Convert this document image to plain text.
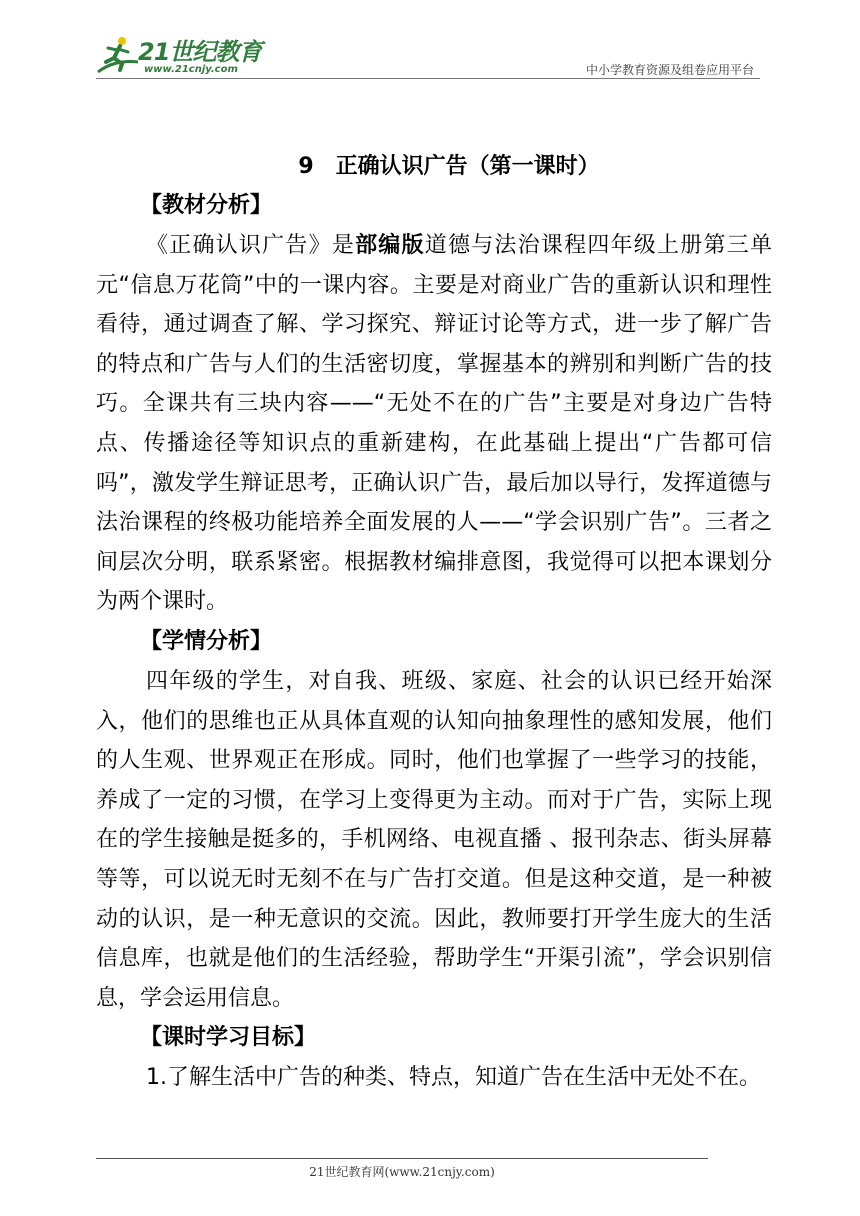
21世纪教育
www.21cnjy.com	中小学教育资源及组卷应用平台
9　正确认识广告（第一课时）
【教材分析】

《正确认识广告》是部编版道德与法治课程四年级上册第三单元“信息万花筒”中的一课内容。主要是对商业广告的重新认识和理性看待，通过调查了解、学习探究、辩证讨论等方式，进一步了解广告的特点和广告与人们的生活密切度，掌握基本的辨别和判断广告的技巧。全课共有三块内容——“无处不在的广告”主要是对身边广告特点、传播途径等知识点的重新建构，在此基础上提出“广告都可信吗”，激发学生辩证思考，正确认识广告，最后加以导行，发挥道德与法治课程的终极功能培养全面发展的人——“学会识别广告”。三者之间层次分明，联系紧密。根据教材编排意图，我觉得可以把本课划分为两个课时。

【学情分析】

四年级的学生，对自我、班级、家庭、社会的认识已经开始深入，他们的思维也正从具体直观的认知向抽象理性的感知发展，他们的人生观、世界观正在形成。同时，他们也掌握了一些学习的技能，养成了一定的习惯，在学习上变得更为主动。而对于广告，实际上现在的学生接触是挺多的，手机网络、电视直播 、报刊杂志、街头屏幕等等，可以说无时无刻不在与广告打交道。但是这种交道，是一种被动的认识，是一种无意识的交流。因此，教师要打开学生庞大的生活信息库，也就是他们的生活经验，帮助学生“开渠引流”，学会识别信息，学会运用信息。

【课时学习目标】

1.了解生活中广告的种类、特点，知道广告在生活中无处不在。

21世纪教育网(www.21cnjy.com)
